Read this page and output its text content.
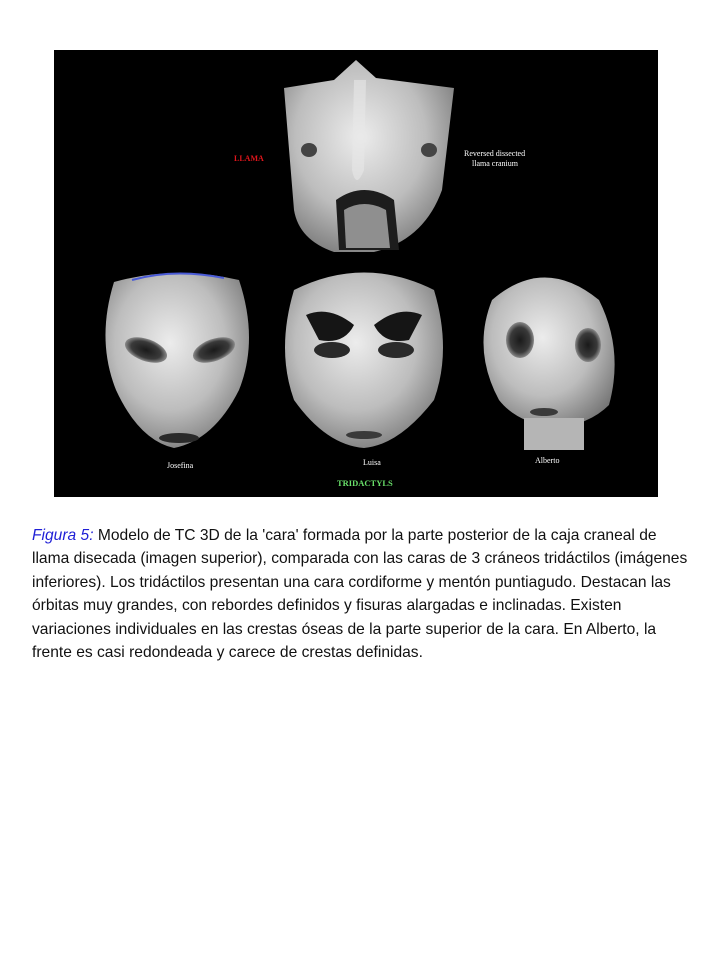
LLAMA
Reversed dissected
llama cranium
Josefina	Luisa	Alberto
TRIDACTYLS

Figura 5: Modelo de TC 3D de la 'cara' formada por la parte posterior de la caja craneal de llama disecada (imagen superior), comparada con las caras de 3 cráneos tridáctilos (imágenes inferiores). Los tridáctilos presentan una cara cordiforme y mentón puntiagudo. Destacan las órbitas muy grandes, con rebordes definidos y fisuras alargadas e inclinadas. Existen variaciones individuales en las crestas óseas de la parte superior de la cara. En Alberto, la frente es casi redondeada y carece de crestas definidas.
